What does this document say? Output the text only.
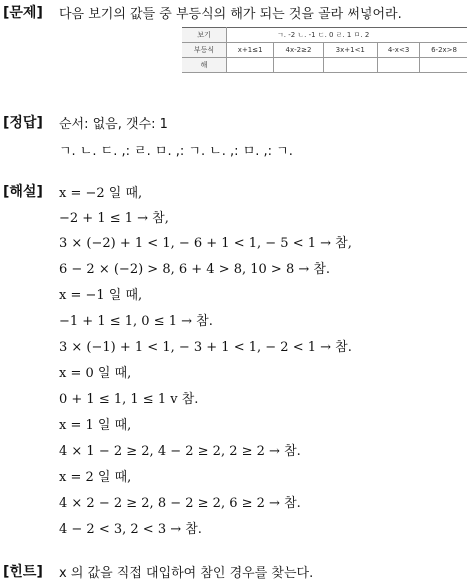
[문제] 다음 보기의 값들 중 부등식의 해가 되는 것을 골라 써넣어라.
보기	ㄱ. -2 ㄴ. -1 ㄷ. 0 ㄹ. 1 ㅁ. 2				
부등식	x+1≤1	4x-2≥2	3x+1<1	4-x<3	6-2x>8
해					
[정답] 순서: 없음, 갯수: 1
ㄱ. ㄴ. ㄷ. ,: ㄹ. ㅁ. ,: ㄱ. ㄴ. ,: ㅁ. ,: ㄱ.
[해설] x = −2 일 때,
−2 + 1 ≤ 1 → 참,
3 × (−2) + 1 < 1, − 6 + 1 < 1, − 5 < 1 → 참,
6 − 2 × (−2) > 8, 6 + 4 > 8, 10 > 8 → 참.
x = −1 일 때,
−1 + 1 ≤ 1, 0 ≤ 1 → 참.
3 × (−1) + 1 < 1, − 3 + 1 < 1, − 2 < 1 → 참.
x = 0 일 때,
0 + 1 ≤ 1, 1 ≤ 1 v 참.
x = 1 일 때,
4 × 1 − 2 ≥ 2, 4 − 2 ≥ 2, 2 ≥ 2 → 참.
x = 2 일 때,
4 × 2 − 2 ≥ 2, 8 − 2 ≥ 2, 6 ≥ 2 → 참.
4 − 2 < 3, 2 < 3 → 참.
[힌트] x 의 값을 직접 대입하여 참인 경우를 찾는다.
